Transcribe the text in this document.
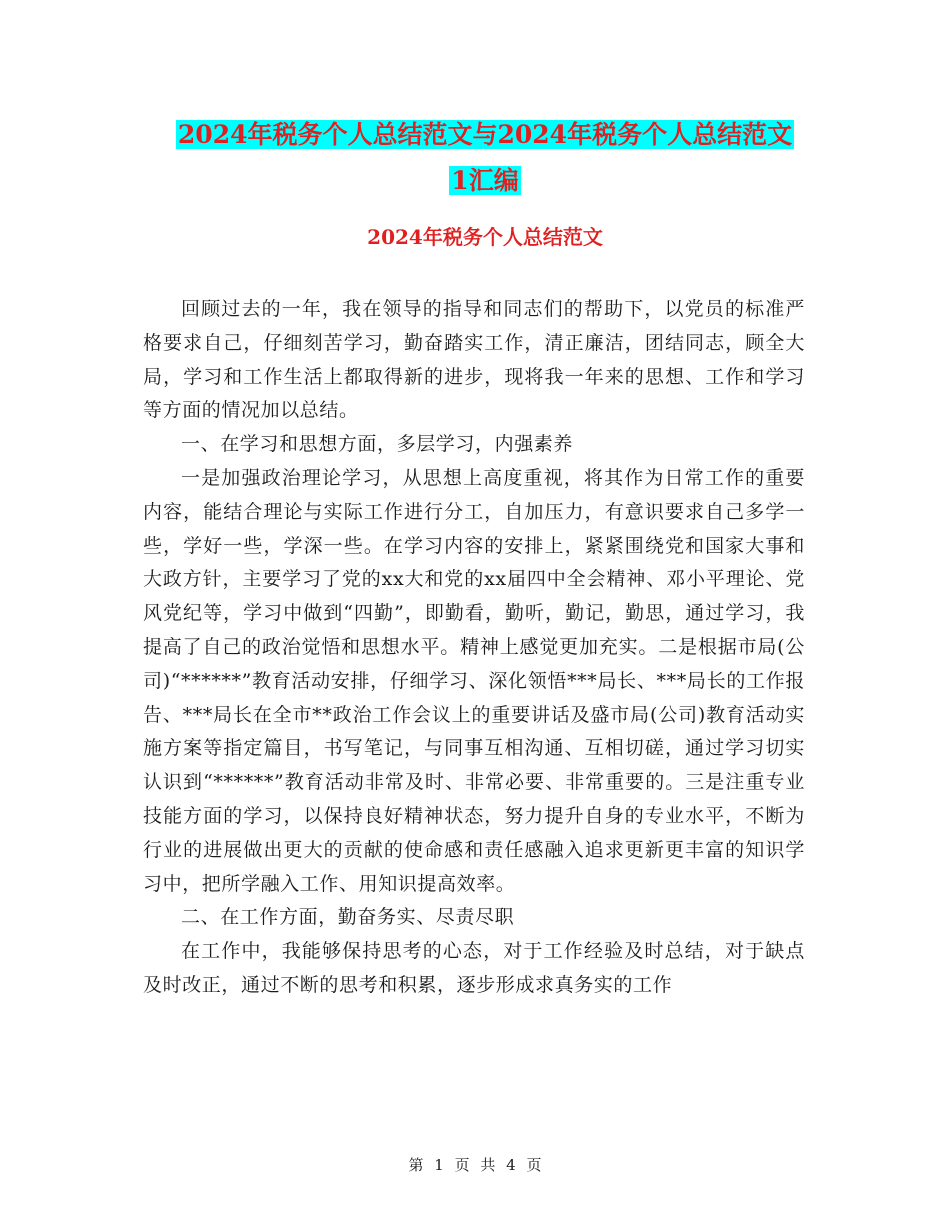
2024年税务个人总结范文与2024年税务个人总结范文
1汇编
2024年税务个人总结范文

回顾过去的一年，我在领导的指导和同志们的帮助下，以党员的标准严格要求自己，仔细刻苦学习，勤奋踏实工作，清正廉洁，团结同志，顾全大局，学习和工作生活上都取得新的进步，现将我一年来的思想、工作和学习等方面的情况加以总结。

一、在学习和思想方面，多层学习，内强素养

一是加强政治理论学习，从思想上高度重视，将其作为日常工作的重要内容，能结合理论与实际工作进行分工，自加压力，有意识要求自己多学一些，学好一些，学深一些。在学习内容的安排上，紧紧围绕党和国家大事和大政方针，主要学习了党的xx大和党的xx届四中全会精神、邓小平理论、党风党纪等，学习中做到“四勤”，即勤看，勤听，勤记，勤思，通过学习，我提高了自己的政治觉悟和思想水平。精神上感觉更加充实。二是根据市局(公司)“******”教育活动安排，仔细学习、深化领悟***局长、***局长的工作报告、***局长在全市**政治工作会议上的重要讲话及盛市局(公司)教育活动实施方案等指定篇目，书写笔记，与同事互相沟通、互相切磋，通过学习切实认识到“******”教育活动非常及时、非常必要、非常重要的。三是注重专业技能方面的学习，以保持良好精神状态，努力提升自身的专业水平，不断为行业的进展做出更大的贡献的使命感和责任感融入追求更新更丰富的知识学习中，把所学融入工作、用知识提高效率。

二、在工作方面，勤奋务实、尽责尽职

在工作中，我能够保持思考的心态，对于工作经验及时总结，对于缺点及时改正，通过不断的思考和积累，逐步形成求真务实的工作

第 1 页 共 4 页
